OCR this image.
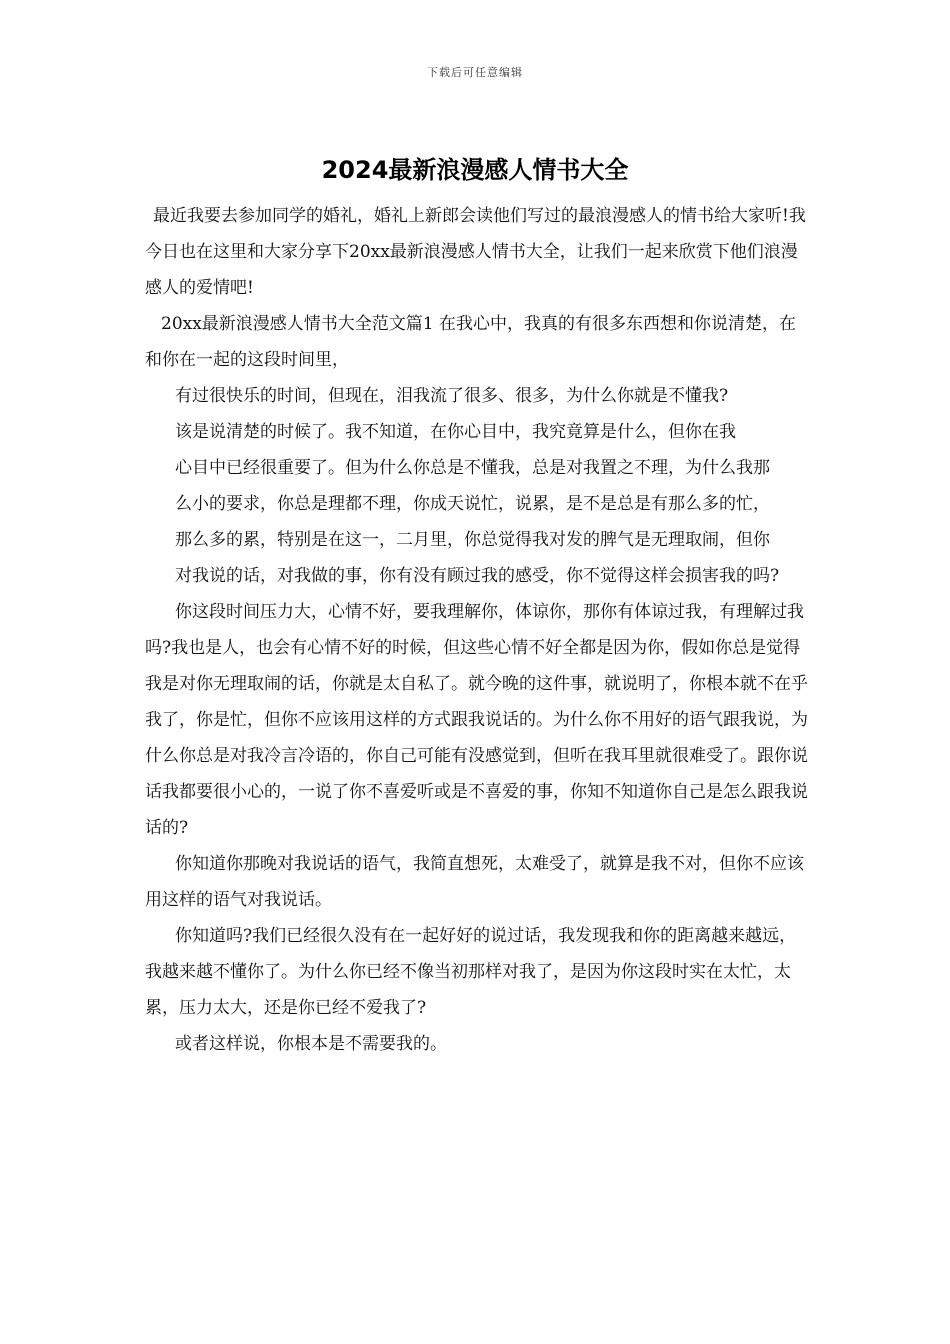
下载后可任意编辑
2024最新浪漫感人情书大全

最近我要去参加同学的婚礼，婚礼上新郎会读他们写过的最浪漫感人的情书给大家听!我今日也在这里和大家分享下20xx最新浪漫感人情书大全，让我们一起来欣赏下他们浪漫感人的爱情吧!

20xx最新浪漫感人情书大全范文篇1 在我心中，我真的有很多东西想和你说清楚，在和你在一起的这段时间里，

有过很快乐的时间，但现在，泪我流了很多、很多，为什么你就是不懂我?

该是说清楚的时候了。我不知道，在你心目中，我究竟算是什么，但你在我

心目中已经很重要了。但为什么你总是不懂我，总是对我置之不理，为什么我那

么小的要求，你总是理都不理，你成天说忙，说累，是不是总是有那么多的忙，

那么多的累，特别是在这一，二月里，你总觉得我对发的脾气是无理取闹，但你

对我说的话，对我做的事，你有没有顾过我的感受，你不觉得这样会损害我的吗?

你这段时间压力大，心情不好，要我理解你，体谅你，那你有体谅过我，有理解过我吗?我也是人，也会有心情不好的时候，但这些心情不好全都是因为你，假如你总是觉得我是对你无理取闹的话，你就是太自私了。就今晚的这件事，就说明了，你根本就不在乎我了，你是忙，但你不应该用这样的方式跟我说话的。为什么你不用好的语气跟我说，为什么你总是对我冷言冷语的，你自己可能有没感觉到，但听在我耳里就很难受了。跟你说话我都要很小心的，一说了你不喜爱听或是不喜爱的事，你知不知道你自己是怎么跟我说话的?

你知道你那晚对我说话的语气，我简直想死，太难受了，就算是我不对，但你不应该用这样的语气对我说话。

你知道吗?我们已经很久没有在一起好好的说过话，我发现我和你的距离越来越远，我越来越不懂你了。为什么你已经不像当初那样对我了，是因为你这段时实在太忙，太累，压力太大，还是你已经不爱我了?

或者这样说，你根本是不需要我的。
